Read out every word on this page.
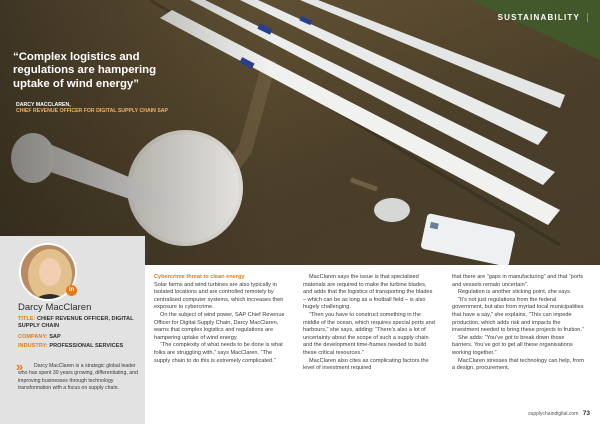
SUSTAINABILITY
“Complex logistics and regulations are hampering uptake of wind energy”
DARCY MACCLAREN,
CHIEF REVENUE OFFICER FOR DIGITAL SUPPLY CHAIN SAP
in
Darcy MacClaren
TITLE: CHIEF REVENUE OFFICER, DIGITAL SUPPLY CHAIN
COMPANY: SAP
INDUSTRY: PROFESSIONAL SERVICES
»	Darcy MacClaren is a strategic global leader who has spent 30 years growing, differentiating, and improving businesses through technology transformation with a focus on supply chain.

Cybercrime threat to clean energy

Solar farms and wind turbines are also typically in isolated locations and are controlled remotely by centralised computer systems, which increases their exposure to cybercrime.

On the subject of wind power, SAP Chief Revenue Officer for Digital Supply Chain, Darcy MacClaren, warns that complex logistics and regulations are hampering uptake of wind energy.

“The complexity of what needs to be done is what folks are struggling with,” says MacClaren. “The supply chain to do this is extremely complicated.”

MacClaren says the issue is that specialised materials are required to make the turbine blades, and adds that the logistics of transporting the blades – which can be as long as a football field – is also hugely challenging.

“Then you have to construct something in the middle of the ocean, which requires special ports and harbours,” she says, adding: “There’s also a lot of uncertainty about the scope of such a supply chain and the development time-frames needed to build these critical resources.”

MacClaren also cites as complicating factors the level of investment required

that there are “gaps in manufacturing” and that “ports and vessels remain uncertain”.

Regulation is another sticking point, she says.

“It’s not just regulations from the federal government, but also from myriad local municipalities that have a say,” she explains. “This can impede production, which adds risk and impacts the investment needed to bring these projects to fruition.”

She adds: “You’ve got to break down those barriers. You’ve got to get all these organisations working together.”

MacClaren stresses that technology can help, from a design, procurement,

supplychaindigital.com 73
